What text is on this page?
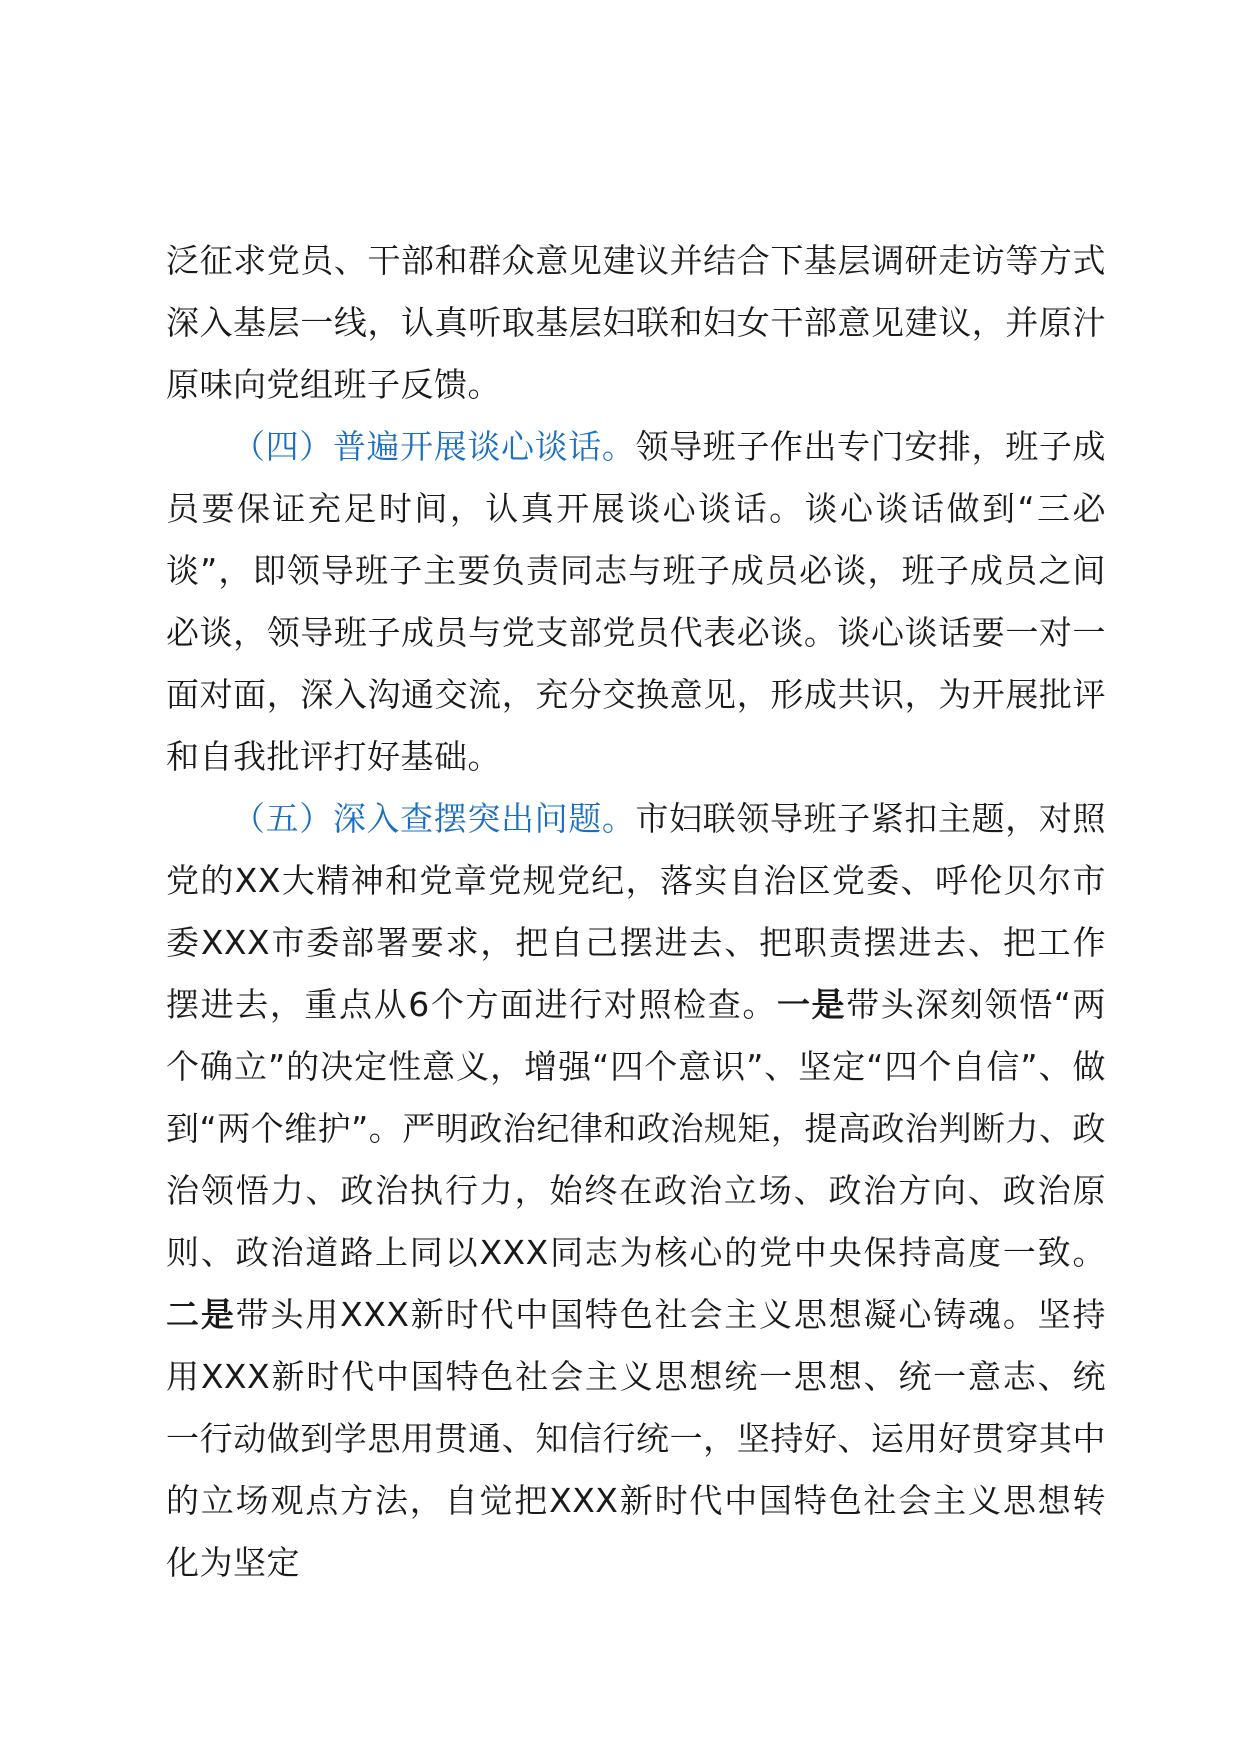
泛征求党员、干部和群众意见建议并结合下基层调研走访等方式深入基层一线，认真听取基层妇联和妇女干部意见建议，并原汁原味向党组班子反馈。

（四）普遍开展谈心谈话。领导班子作出专门安排，班子成员要保证充足时间，认真开展谈心谈话。谈心谈话做到“三必谈”，即领导班子主要负责同志与班子成员必谈，班子成员之间必谈，领导班子成员与党支部党员代表必谈。谈心谈话要一对一面对面，深入沟通交流，充分交换意见，形成共识，为开展批评和自我批评打好基础。

（五）深入查摆突出问题。市妇联领导班子紧扣主题，对照党的XX大精神和党章党规党纪，落实自治区党委、呼伦贝尔市委XXX市委部署要求，把自己摆进去、把职责摆进去、把工作摆进去，重点从6个方面进行对照检查。一是带头深刻领悟“两个确立”的决定性意义，增强“四个意识”、坚定“四个自信”、做到“两个维护”。严明政治纪律和政治规矩，提高政治判断力、政治领悟力、政治执行力，始终在政治立场、政治方向、政治原则、政治道路上同以XXX同志为核心的党中央保持高度一致。二是带头用XXX新时代中国特色社会主义思想凝心铸魂。坚持用XXX新时代中国特色社会主义思想统一思想、统一意志、统一行动做到学思用贯通、知信行统一，坚持好、运用好贯穿其中的立场观点方法，自觉把XXX新时代中国特色社会主义思想转化为坚定
